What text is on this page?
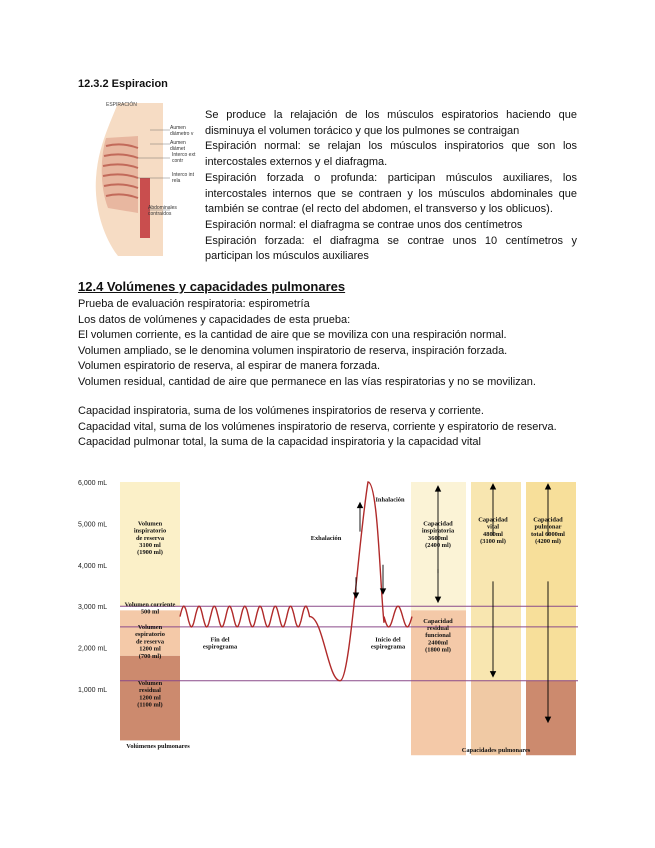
12.3.2 Espiracion
ESPIRACIÓN
Aumen diámetro v
Aumen diámet
Interco ext contr
Interco int rela
Abdominales contraídos
Se produce la relajación de los músculos espiratorios haciendo que disminuya el volumen torácico y que los pulmones se contraigan
Espiración normal: se relajan los músculos inspiratorios que son los intercostales externos y el diafragma.
Espiración forzada o profunda: participan músculos auxiliares, los intercostales internos que se contraen y los músculos abdominales que también se contrae (el recto del abdomen, el transverso y los oblicuos).
Espiración normal: el diafragma se contrae unos dos centímetros
Espiración forzada: el diafragma se contrae unos 10 centímetros y participan los músculos auxiliares
12.4 Volúmenes y capacidades pulmonares
Prueba de evaluación respiratoria: espirometría
Los datos de volúmenes y capacidades de esta prueba:
El volumen corriente, es la cantidad de aire que se moviliza con una respiración normal.
Volumen ampliado, se le denomina volumen inspiratorio de reserva, inspiración forzada.
Volumen espiratorio de reserva, al espirar de manera forzada.
Volumen residual, cantidad de aire que permanece en las vías respiratorias y no se movilizan.
Capacidad inspiratoria, suma de los volúmenes inspiratorios de reserva y corriente.
Capacidad vital, suma de los volúmenes inspiratorio de reserva, corriente y espiratorio de reserva.
Capacidad pulmonar total, la suma de la capacidad inspiratoria y la capacidad vital
6,000 mL
5,000 mL
4,000 mL
3,000 mL
2,000 mL
1,000 mL
Volumen inspiratorio de reserva 3100 ml (1900 ml)
Volumen corriente 500 ml
Volumen espiratorio de reserva 1200 ml (700 ml)
Volumen residual 1200 ml (1100 ml)
Capacidad inspiratoria 3600ml (2400 ml)
Capacidad vital 4800ml (3100 ml)
Capacidad pulmonar total 6000ml (4200 ml)
Capacidad residual funcional 2400ml (1800 ml)
Inhalación
Exhalación
Fin del espirograma
Inicio del espirograma
Volúmenes pulmonares
Capacidades pulmonares
